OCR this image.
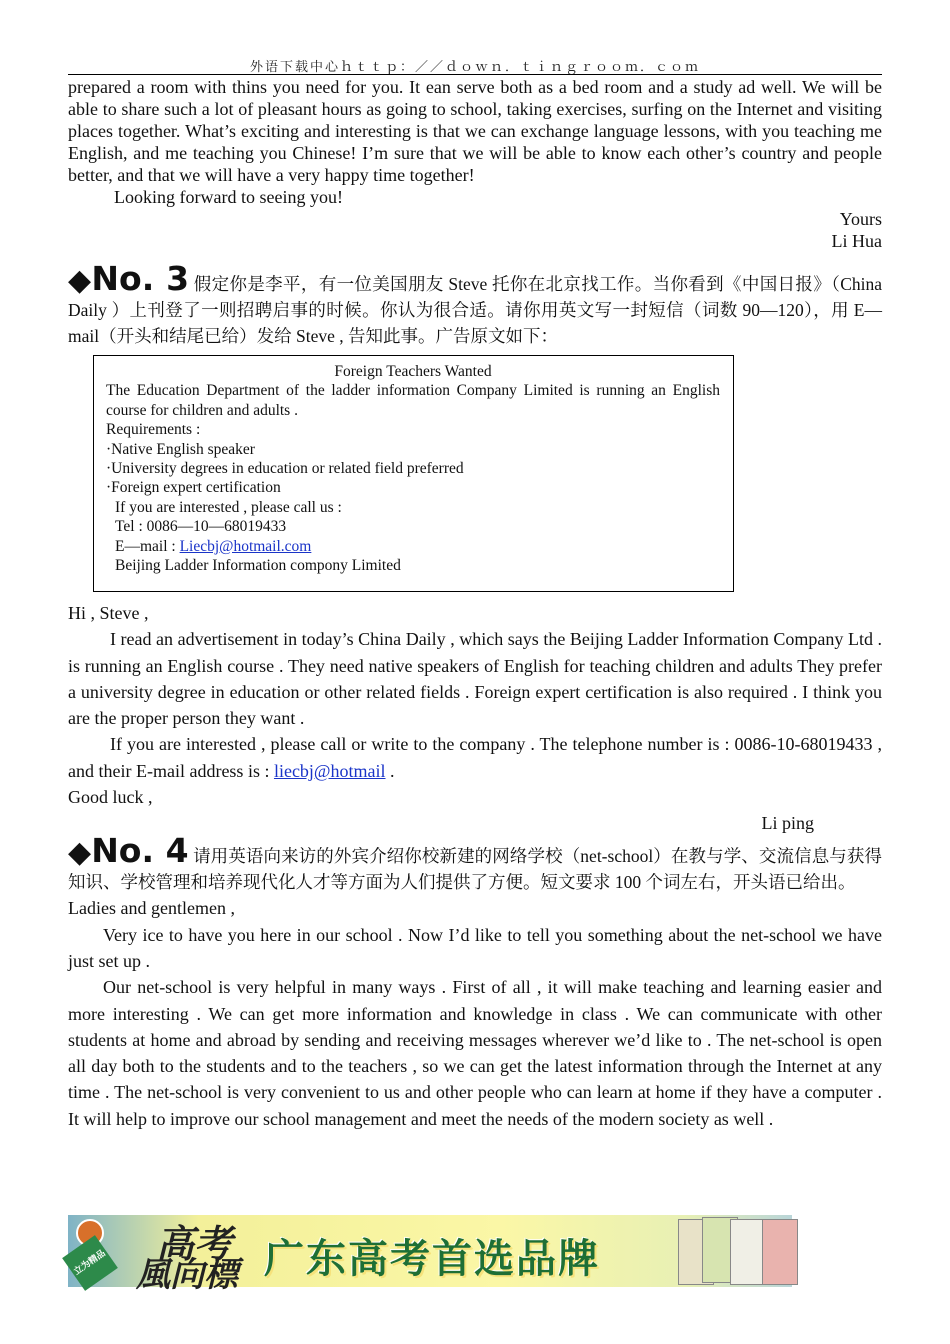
外语下载中心ｈｔｔｐ：／／ｄｏｗｎ．ｔｉｎｇｒｏｏｍ．ｃｏｍ

prepared a room with thins you need for you. It ean serve both as a bed room and a study ad well. We will be able to share such a lot of pleasant hours as going to school, taking exercises, surfing on the Internet and visiting places together. What’s exciting and interesting is that we can exchange language lessons, with you teaching me English, and me teaching you Chinese! I’m sure that we will be able to know each other’s country and people better, and that we will have a very happy time together!

Looking forward to seeing you!

Yours

Li Hua

◆No. 3 假定你是李平，有一位美国朋友 Steve 托你在北京找工作。当你看到《中国日报》（China Daily ）上刊登了一则招聘启事的时候。你认为很合适。请你用英文写一封短信（词数 90—120），用 E—mail（开头和结尾已给）发给 Steve , 告知此事。广告原文如下：
Foreign Teachers Wanted
The Education Department of the ladder information Company Limited is running an English course for children and adults .
Requirements :
·Native English speaker
·University degrees in education or related field preferred
·Foreign expert certification
If you are interested , please call us :
Tel : 0086—10—68019433
E—mail : Liecbj@hotmail.com
Beijing Ladder Information compony Limited

Hi , Steve ,

I read an advertisement in today’s China Daily , which says the Beijing Ladder Information Company Ltd . is running an English course . They need native speakers of English for teaching children and adults They prefer a university degree in education or other related fields . Foreign expert certification is also required . I think you are the proper person they want .

If you are interested , please call or write to the company . The telephone number is : 0086-10-68019433 , and their E-mail address is : liecbj@hotmail .

Good luck ,

Li ping

◆No. 4 请用英语向来访的外宾介绍你校新建的网络学校（net-school）在教与学、交流信息与获得知识、学校管理和培养现代化人才等方面为人们提供了方便。短文要求 100 个词左右，开头语已给出。

Ladies and gentlemen ,

Very ice to have you here in our school . Now I’d like to tell you something about the net-school we have just set up .

Our net-school is very helpful in many ways . First of all , it will make teaching and learning easier and more interesting . We can get more information and knowledge in class . We can communicate with other students at home and abroad by sending and receiving messages wherever we’d like to . The net-school is open all day both to the students and to the teachers , so we can get the latest information through the Internet at any time . The net-school is very convenient to us and other people who can learn at home if they have a computer . It will help to improve our school management and meet the needs of the modern society as well .

立为精品图书
高考
風向標 广东高考首选品牌
